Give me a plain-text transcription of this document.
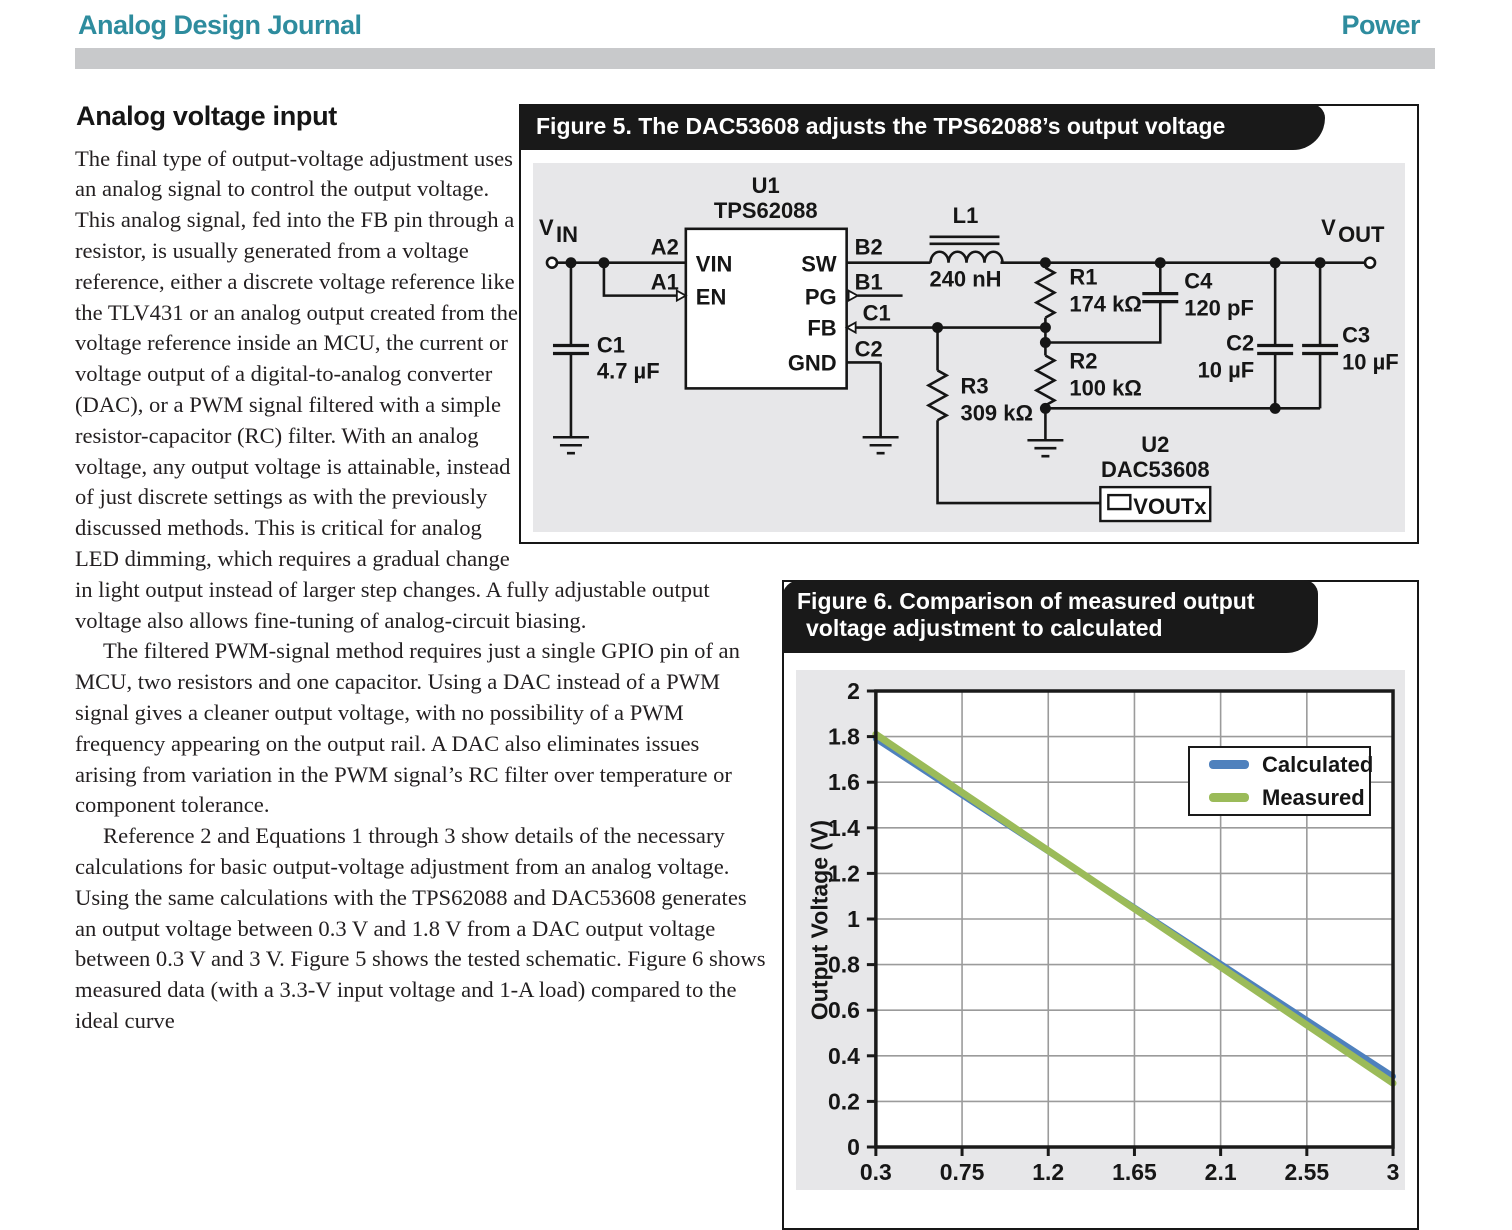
Analog Design Journal	Power
Figure 5. The DAC53608 adjusts the TPS62088’s output voltage
V IN	V OUT
U1
TPS62088
VIN
EN
SW
PG
FB
GND
A2
A1
B2
B1
C1
C2
L1
240 nH
C1
4.7 µF
R1
174 kΩ
C4
120 pF
R2
100 kΩ
R3
309 kΩ
C2
10 µF
C3
10 µF
U2
DAC53608
VOUTx
Figure 6. Comparison of measured output
voltage adjustment to calculated
0
0.2
0.4
0.6
0.8
1
1.2
1.4
1.6
1.8
2
0.3 0.75 1.2 1.65 2.1 2.55 3
Output Voltage (V)
Calculated
Measured
Analog voltage input

The final type of output-voltage adjustment uses an analog signal to control the output voltage. This analog signal, fed into the FB pin through a resistor, is usually generated from a voltage reference, either a discrete voltage reference like the TLV431 or an analog output created from the voltage reference inside an MCU, the current or voltage output of a digital-to-analog converter (DAC), or a PWM signal filtered with a simple resistor-capacitor (RC) filter. With an analog voltage, any output voltage is attainable, instead of just discrete settings as with the previously discussed methods. This is critical for analog LED dimming, which requires a gradual change in light output instead of larger step changes. A fully adjustable output voltage also allows fine-tuning of analog-circuit biasing.

The filtered PWM-signal method requires just a single GPIO pin of an MCU, two resistors and one capacitor. Using a DAC instead of a PWM signal gives a cleaner output voltage, with no possibility of a PWM frequency appearing on the output rail. A DAC also eliminates issues arising from variation in the PWM signal’s RC filter over temperature or component tolerance.

Reference 2 and Equations 1 through 3 show details of the necessary calculations for basic output-voltage adjustment from an analog voltage. Using the same calculations with the TPS62088 and DAC53608 generates an output voltage between 0.3 V and 1.8 V from a DAC output voltage between 0.3 V and 3 V. Figure 5 shows the tested schematic. Figure 6 shows measured data (with a 3.3-V input voltage and 1-A load) compared to the ideal curve
